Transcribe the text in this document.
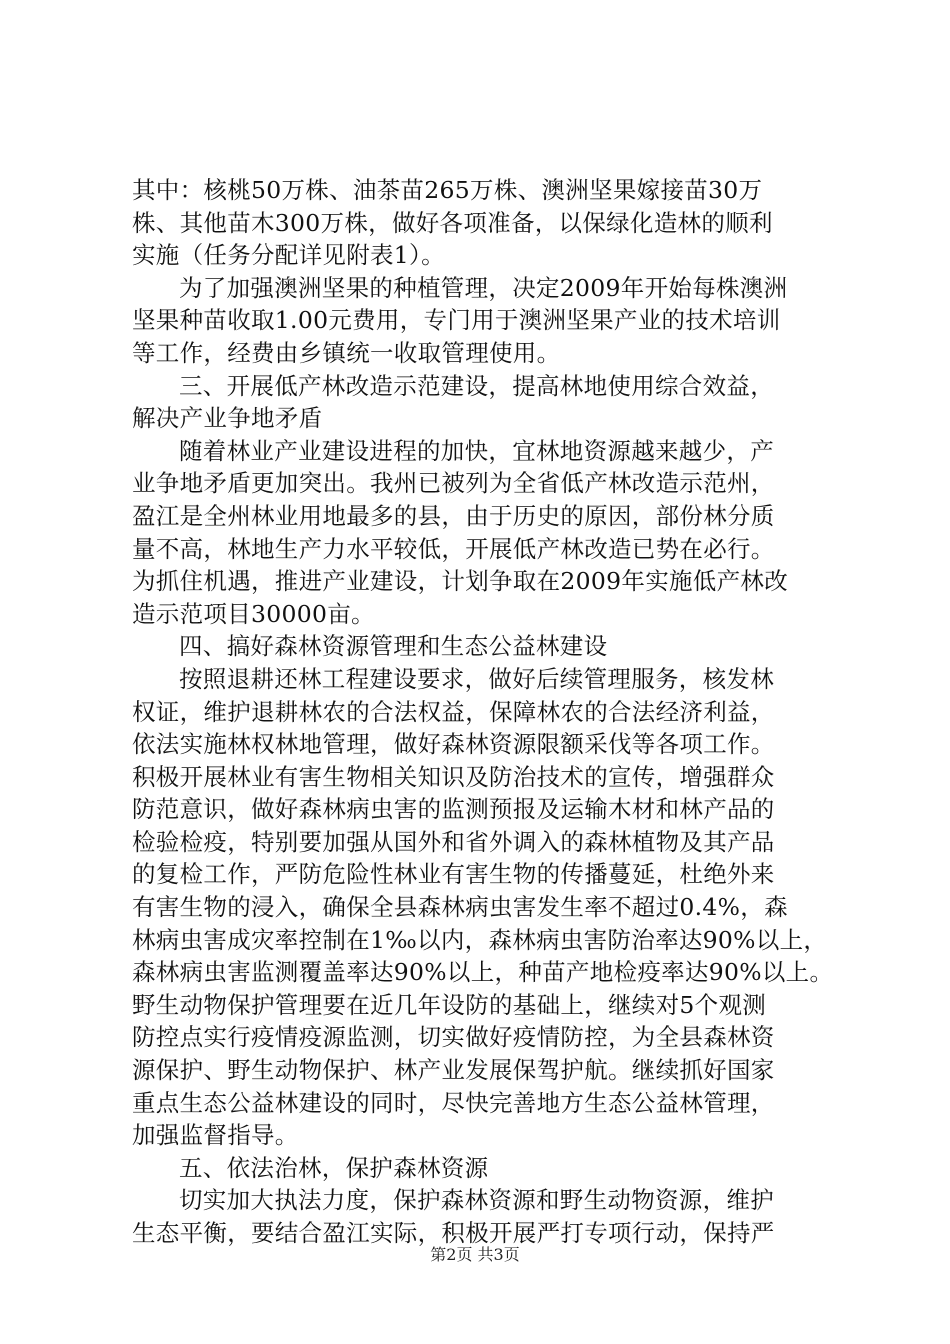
其中：核桃50万株、油茶苗265万株、澳洲坚果嫁接苗30万
株、其他苗木300万株，做好各项准备，以保绿化造林的顺利
实施（任务分配详见附表1）。
为了加强澳洲坚果的种植管理，决定2009年开始每株澳洲
坚果种苗收取1.00元费用，专门用于澳洲坚果产业的技术培训
等工作，经费由乡镇统一收取管理使用。
三、开展低产林改造示范建设，提高林地使用综合效益，
解决产业争地矛盾
随着林业产业建设进程的加快，宜林地资源越来越少，产
业争地矛盾更加突出。我州已被列为全省低产林改造示范州，
盈江是全州林业用地最多的县，由于历史的原因，部份林分质
量不高，林地生产力水平较低，开展低产林改造已势在必行。
为抓住机遇，推进产业建设，计划争取在2009年实施低产林改
造示范项目30000亩。
四、搞好森林资源管理和生态公益林建设
按照退耕还林工程建设要求，做好后续管理服务，核发林
权证，维护退耕林农的合法权益，保障林农的合法经济利益，
依法实施林权林地管理，做好森林资源限额采伐等各项工作。
积极开展林业有害生物相关知识及防治技术的宣传，增强群众
防范意识，做好森林病虫害的监测预报及运输木材和林产品的
检验检疫，特别要加强从国外和省外调入的森林植物及其产品
的复检工作，严防危险性林业有害生物的传播蔓延，杜绝外来
有害生物的浸入，确保全县森林病虫害发生率不超过0.4%，森
林病虫害成灾率控制在1‰以内，森林病虫害防治率达90%以上，
森林病虫害监测覆盖率达90%以上，种苗产地检疫率达90%以上。
野生动物保护管理要在近几年设防的基础上，继续对5个观测
防控点实行疫情疫源监测，切实做好疫情防控，为全县森林资
源保护、野生动物保护、林产业发展保驾护航。继续抓好国家
重点生态公益林建设的同时，尽快完善地方生态公益林管理，
加强监督指导。
五、依法治林，保护森林资源
切实加大执法力度，保护森林资源和野生动物资源，维护
生态平衡，要结合盈江实际，积极开展严打专项行动，保持严
第2页 共3页
